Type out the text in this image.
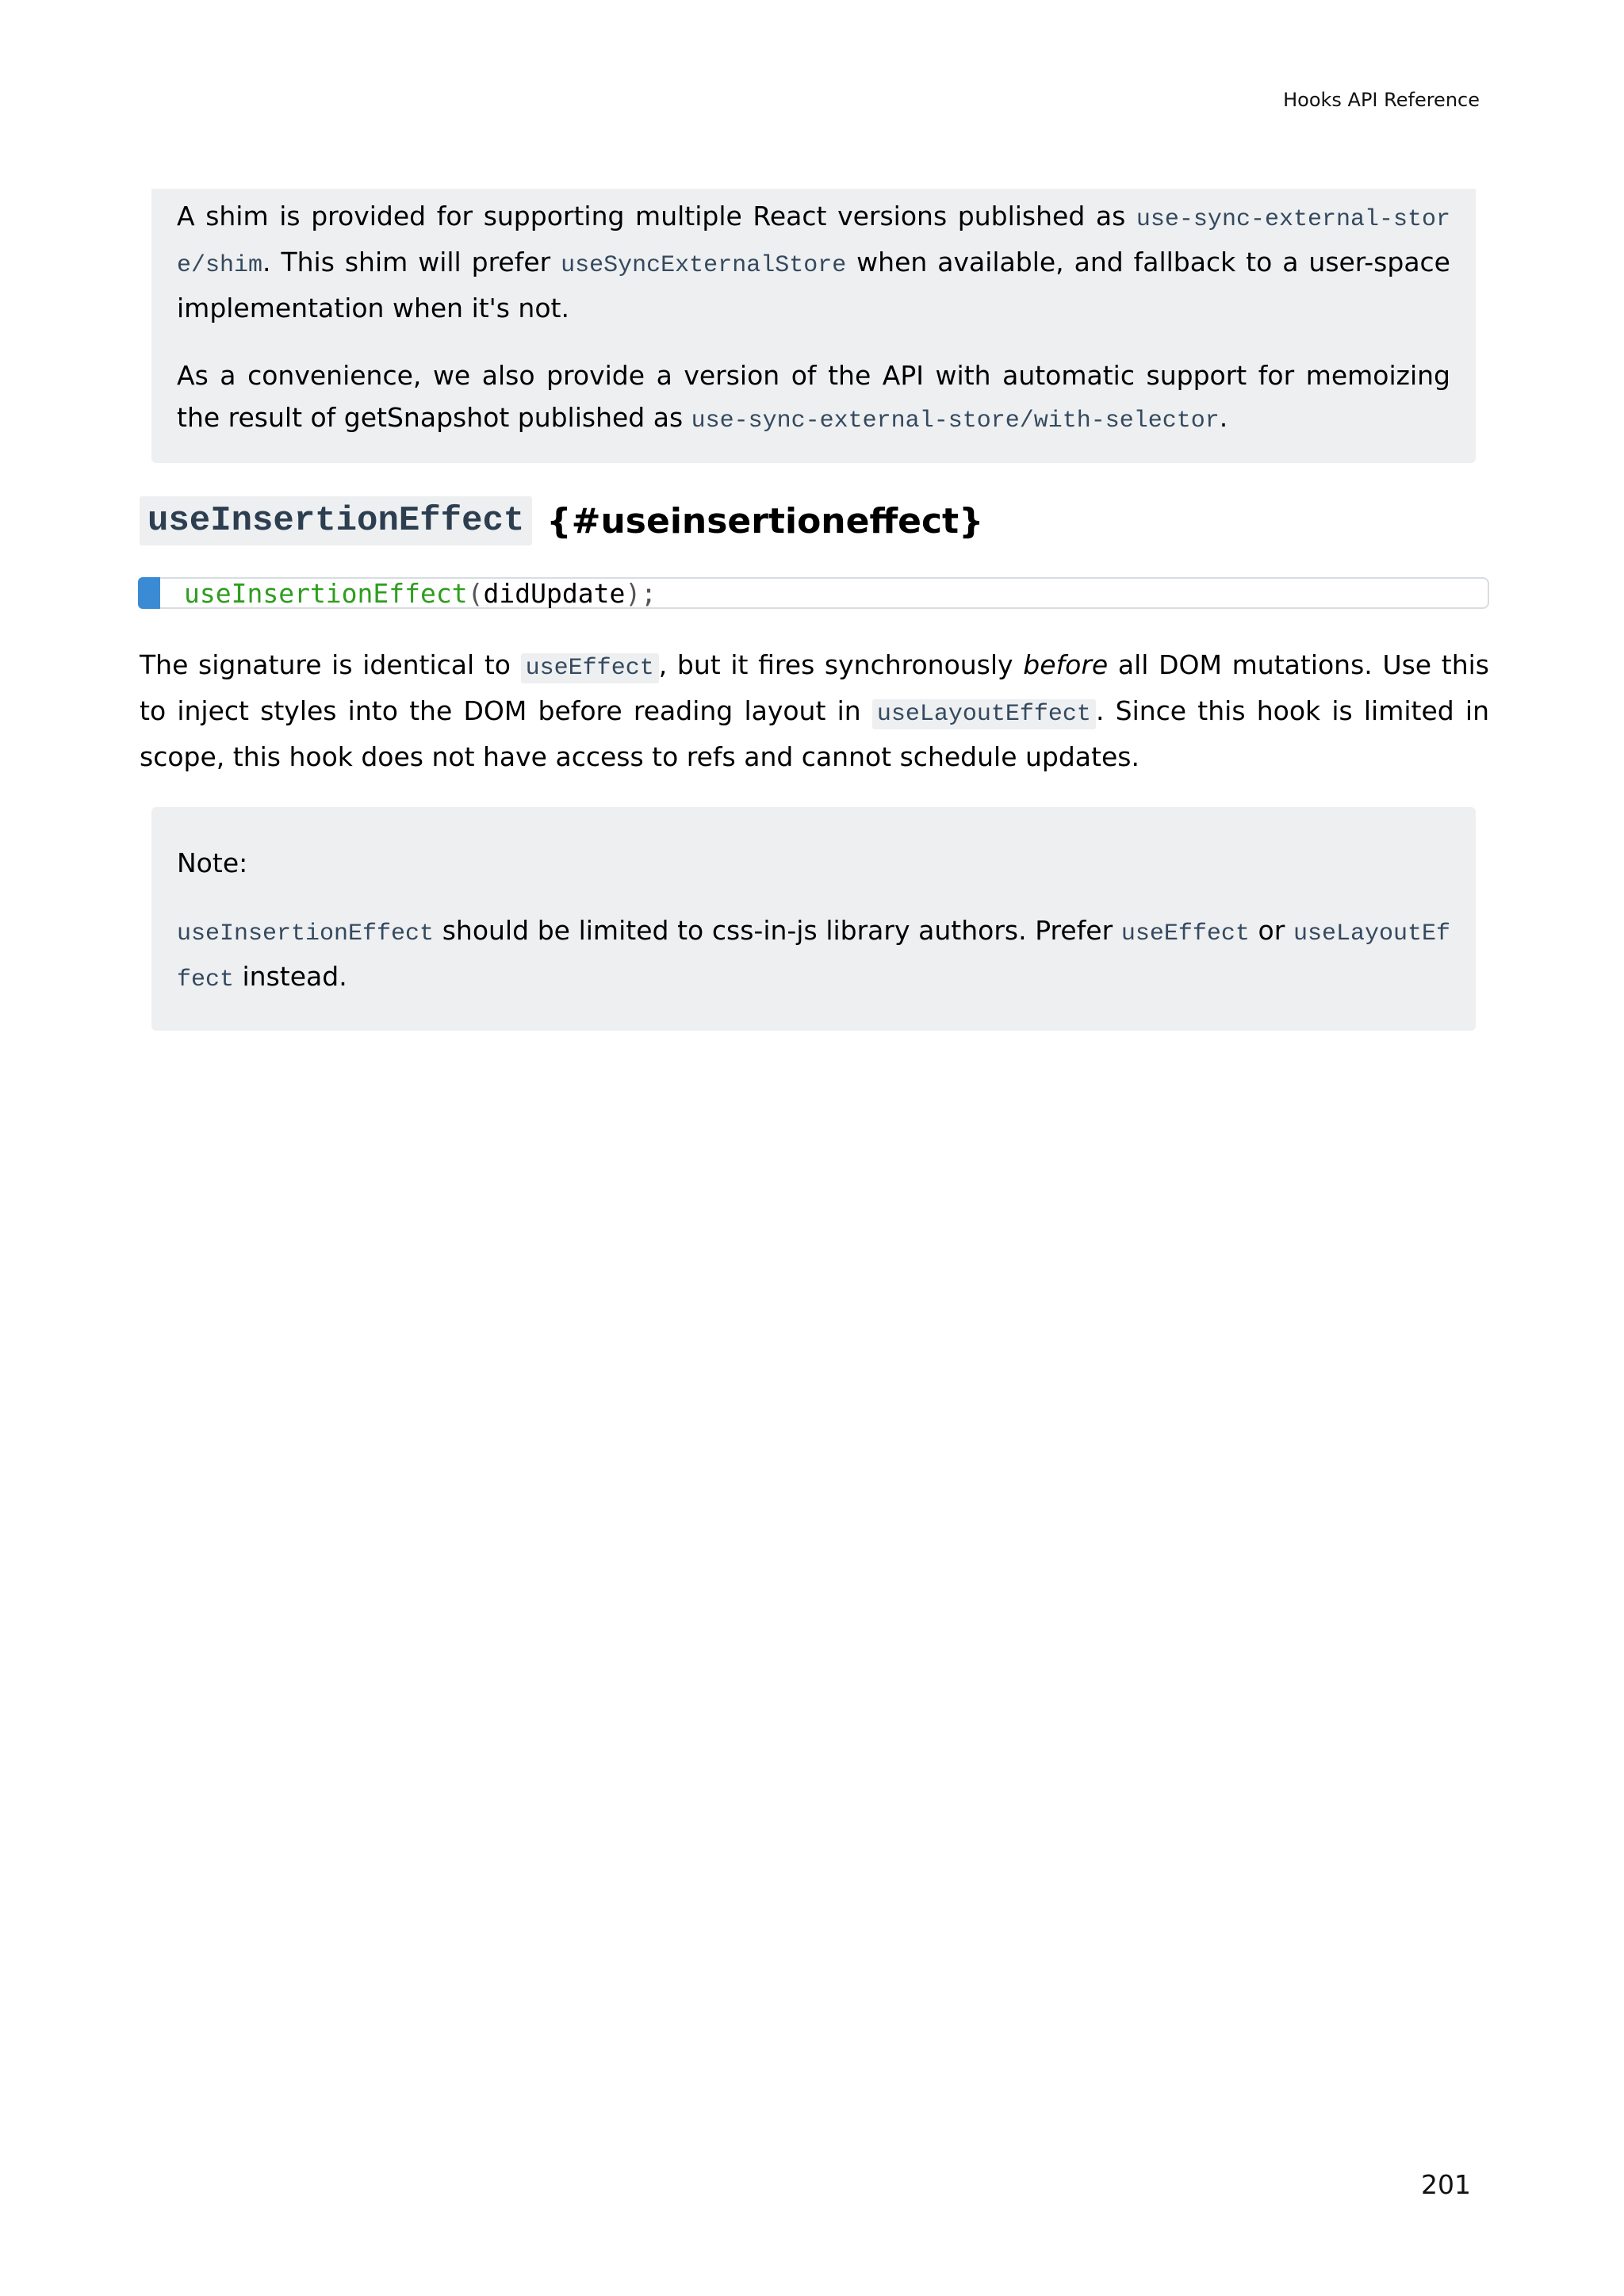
Hooks API Reference

A shim is provided for supporting multiple React versions published as use-sync-external-store/shim. This shim will prefer useSyncExternalStore when available, and fallback to a user-space implementation when it's not.

As a convenience, we also provide a version of the API with automatic support for memoizing the result of getSnapshot published as use-sync-external-store/with-selector.

useInsertionEffect {#useinsertioneffect}
useInsertionEffect(didUpdate);

The signature is identical to useEffect , but it fires synchronously before all DOM mutations. Use this to inject styles into the DOM before reading layout in useLayoutEffect . Since this hook is limited in scope, this hook does not have access to refs and cannot schedule updates.

Note:

useInsertionEffect should be limited to css-in-js library authors. Prefer useEffect or useLayoutEffect instead.

201
